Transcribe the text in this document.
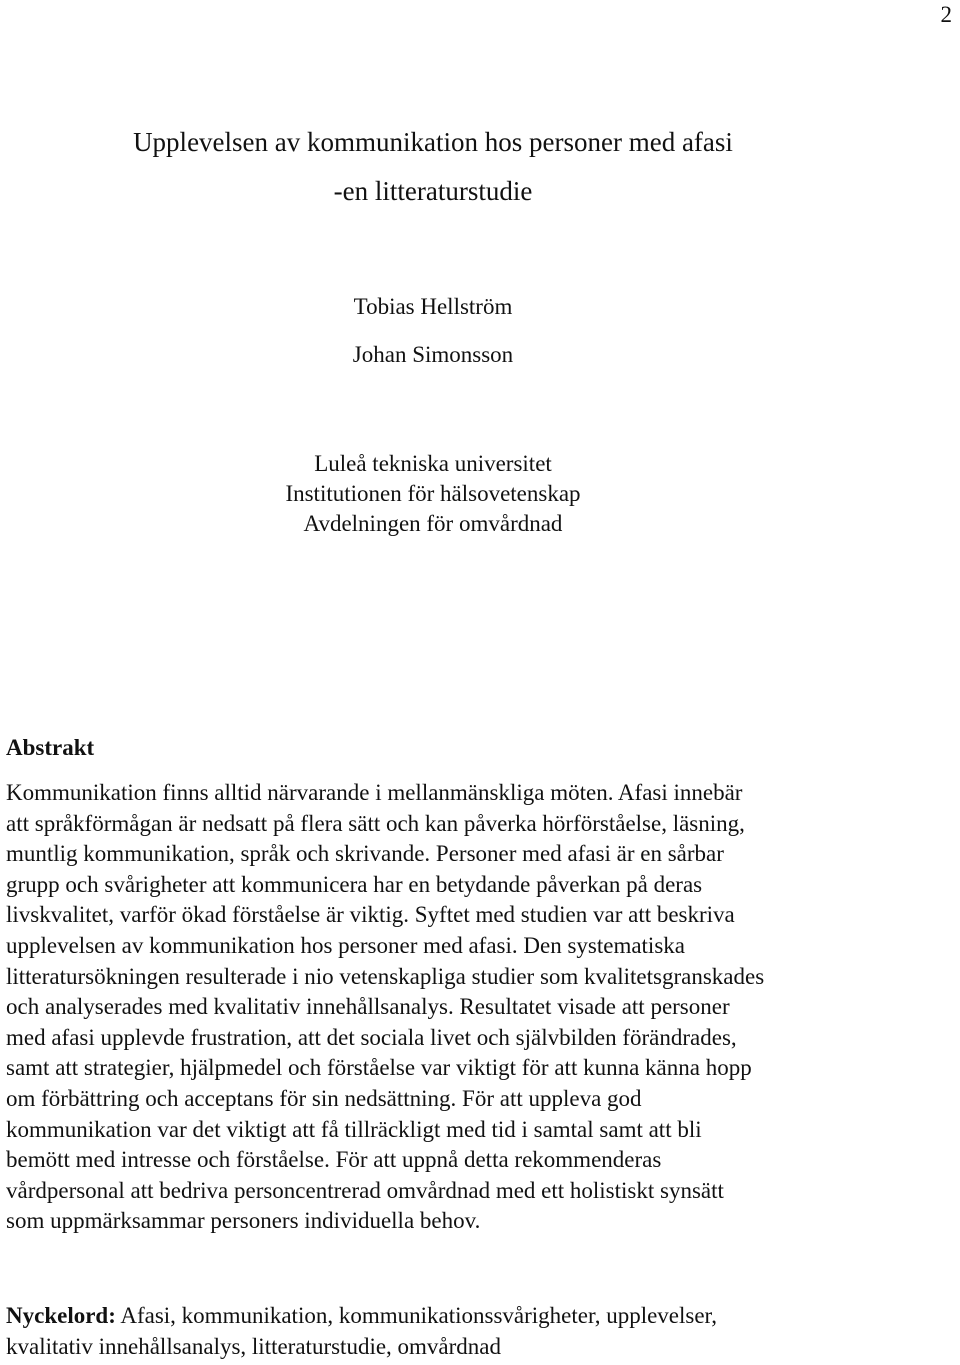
2
Upplevelsen av kommunikation hos personer med afasi
-en litteraturstudie
Tobias Hellström
Johan Simonsson
Luleå tekniska universitet
Institutionen för hälsovetenskap
Avdelningen för omvårdnad
Abstrakt
Kommunikation finns alltid närvarande i mellanmänskliga möten. Afasi innebär
att språkförmågan är nedsatt på flera sätt och kan påverka hörförståelse, läsning,
muntlig kommunikation, språk och skrivande. Personer med afasi är en sårbar
grupp och svårigheter att kommunicera har en betydande påverkan på deras
livskvalitet, varför ökad förståelse är viktig. Syftet med studien var att beskriva
upplevelsen av kommunikation hos personer med afasi. Den systematiska
litteratursökningen resulterade i nio vetenskapliga studier som kvalitetsgranskades
och analyserades med kvalitativ innehållsanalys. Resultatet visade att personer
med afasi upplevde frustration, att det sociala livet och självbilden förändrades,
samt att strategier, hjälpmedel och förståelse var viktigt för att kunna känna hopp
om förbättring och acceptans för sin nedsättning. För att uppleva god
kommunikation var det viktigt att få tillräckligt med tid i samtal samt att bli
bemött med intresse och förståelse. För att uppnå detta rekommenderas
vårdpersonal att bedriva personcentrerad omvårdnad med ett holistiskt synsätt
som uppmärksammar personers individuella behov.
Nyckelord: Afasi, kommunikation, kommunikationssvårigheter, upplevelser,
kvalitativ innehållsanalys, litteraturstudie, omvårdnad
